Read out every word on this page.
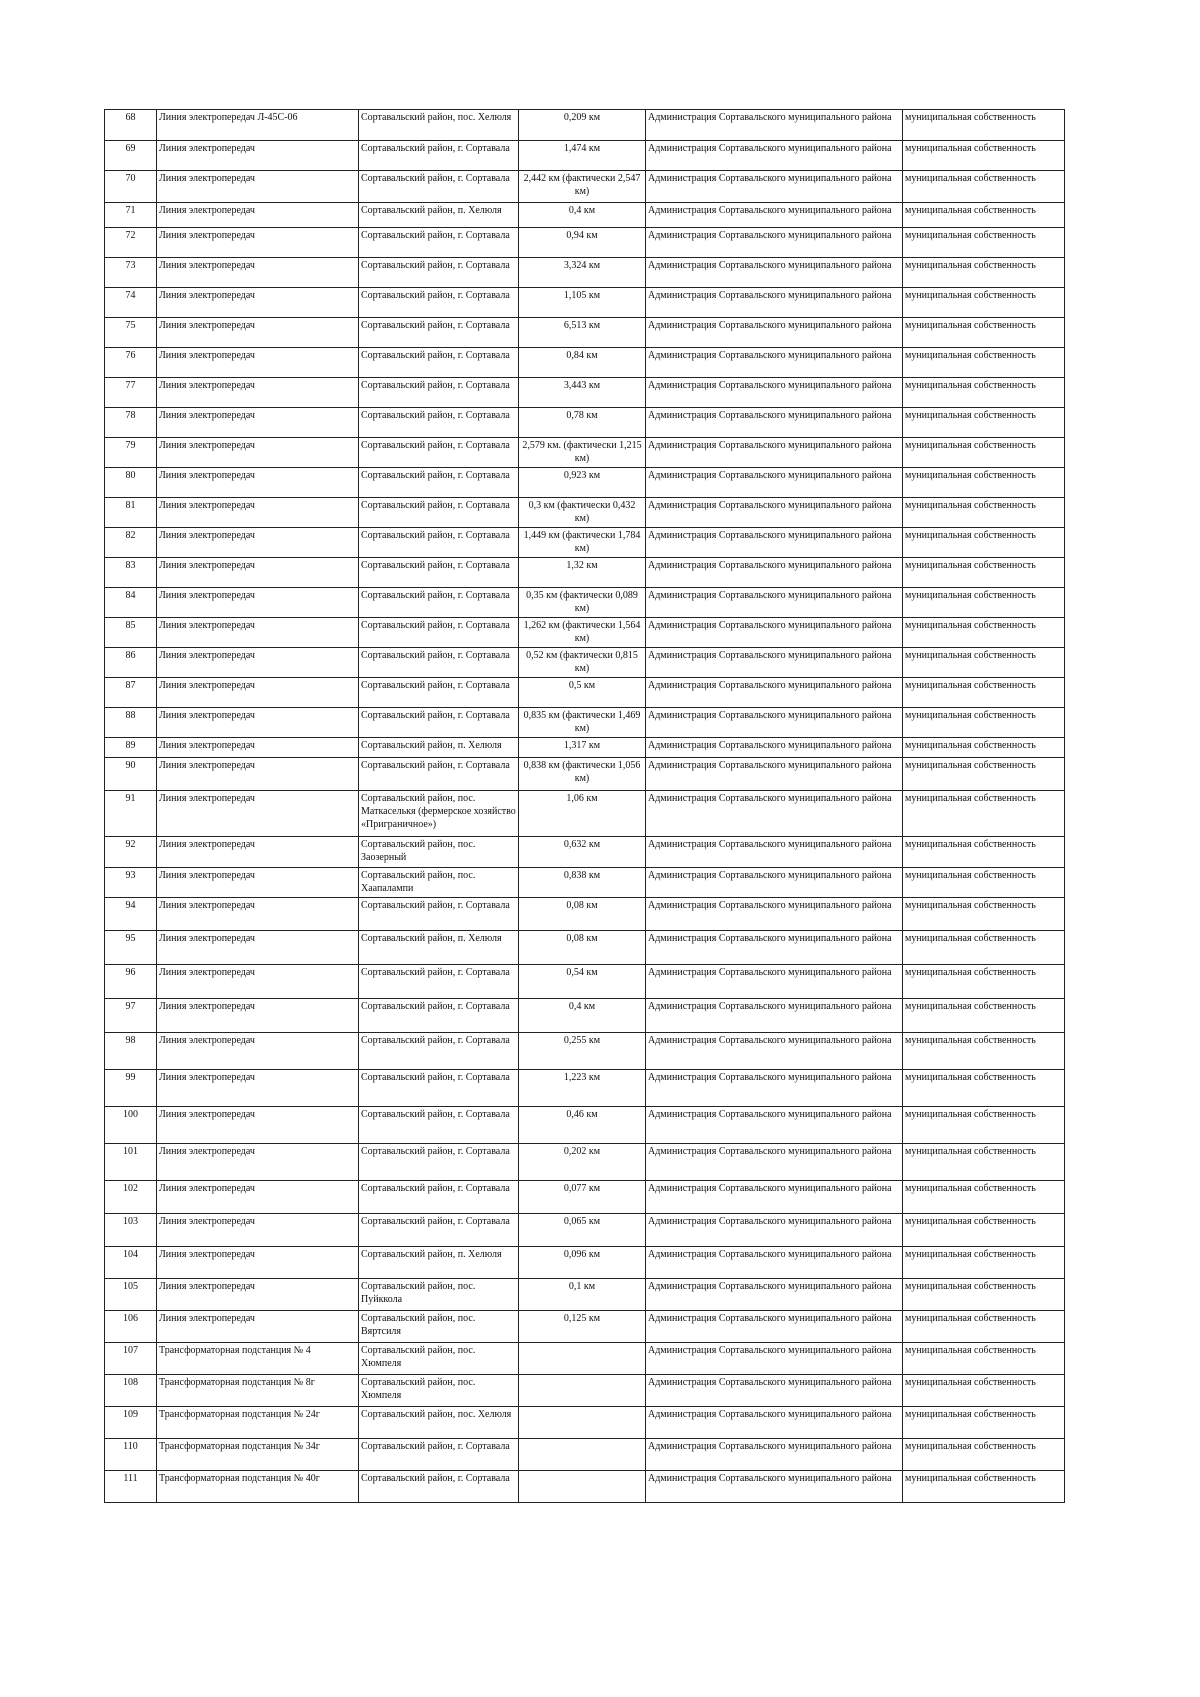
68	Линия электропередач Л-45С-06	Сортавальский район, пос. Хелюля	0,209 км	Администрация Сортавальского муниципального района	муниципальная собственность
69	Линия электропередач	Сортавальский район, г. Сортавала	1,474 км	Администрация Сортавальского муниципального района	муниципальная собственность
70	Линия электропередач	Сортавальский район, г. Сортавала	2,442 км (фактически 2,547 км)	Администрация Сортавальского муниципального района	муниципальная собственность
71	Линия электропередач	Сортавальский район, п. Хелюля	0,4 км	Администрация Сортавальского муниципального района	муниципальная собственность
72	Линия электропередач	Сортавальский район, г. Сортавала	0,94 км	Администрация Сортавальского муниципального района	муниципальная собственность
73	Линия электропередач	Сортавальский район, г. Сортавала	3,324 км	Администрация Сортавальского муниципального района	муниципальная собственность
74	Линия электропередач	Сортавальский район, г. Сортавала	1,105 км	Администрация Сортавальского муниципального района	муниципальная собственность
75	Линия электропередач	Сортавальский район, г. Сортавала	6,513 км	Администрация Сортавальского муниципального района	муниципальная собственность
76	Линия электропередач	Сортавальский район, г. Сортавала	0,84 км	Администрация Сортавальского муниципального района	муниципальная собственность
77	Линия электропередач	Сортавальский район, г. Сортавала	3,443 км	Администрация Сортавальского муниципального района	муниципальная собственность
78	Линия электропередач	Сортавальский район, г. Сортавала	0,78 км	Администрация Сортавальского муниципального района	муниципальная собственность
79	Линия электропередач	Сортавальский район, г. Сортавала	2,579 км. (фактически 1,215 км)	Администрация Сортавальского муниципального района	муниципальная собственность
80	Линия электропередач	Сортавальский район, г. Сортавала	0,923 км	Администрация Сортавальского муниципального района	муниципальная собственность
81	Линия электропередач	Сортавальский район, г. Сортавала	0,3 км (фактически 0,432 км)	Администрация Сортавальского муниципального района	муниципальная собственность
82	Линия электропередач	Сортавальский район, г. Сортавала	1,449 км (фактически 1,784 км)	Администрация Сортавальского муниципального района	муниципальная собственность
83	Линия электропередач	Сортавальский район, г. Сортавала	1,32 км	Администрация Сортавальского муниципального района	муниципальная собственность
84	Линия электропередач	Сортавальский район, г. Сортавала	0,35 км (фактически 0,089 км)	Администрация Сортавальского муниципального района	муниципальная собственность
85	Линия электропередач	Сортавальский район, г. Сортавала	1,262 км (фактически 1,564 км)	Администрация Сортавальского муниципального района	муниципальная собственность
86	Линия электропередач	Сортавальский район, г. Сортавала	0,52 км (фактически 0,815 км)	Администрация Сортавальского муниципального района	муниципальная собственность
87	Линия электропередач	Сортавальский район, г. Сортавала	0,5 км	Администрация Сортавальского муниципального района	муниципальная собственность
88	Линия электропередач	Сортавальский район, г. Сортавала	0,835 км (фактически 1,469 км)	Администрация Сортавальского муниципального района	муниципальная собственность
89	Линия электропередач	Сортавальский район, п. Хелюля	1,317 км	Администрация Сортавальского муниципального района	муниципальная собственность
90	Линия электропередач	Сортавальский район, г. Сортавала	0,838 км (фактически 1,056 км)	Администрация Сортавальского муниципального района	муниципальная собственность
91	Линия электропередач	Сортавальский район, пос. Маткаселькя (фермерское хозяйство «Приграничное»)	1,06 км	Администрация Сортавальского муниципального района	муниципальная собственность
92	Линия электропередач	Сортавальский район, пос. Заозерный	0,632 км	Администрация Сортавальского муниципального района	муниципальная собственность
93	Линия электропередач	Сортавальский район, пос. Хаапалампи	0,838 км	Администрация Сортавальского муниципального района	муниципальная собственность
94	Линия электропередач	Сортавальский район, г. Сортавала	0,08 км	Администрация Сортавальского муниципального района	муниципальная собственность
95	Линия электропередач	Сортавальский район, п. Хелюля	0,08 км	Администрация Сортавальского муниципального района	муниципальная собственность
96	Линия электропередач	Сортавальский район, г. Сортавала	0,54 км	Администрация Сортавальского муниципального района	муниципальная собственность
97	Линия электропередач	Сортавальский район, г. Сортавала	0,4 км	Администрация Сортавальского муниципального района	муниципальная собственность
98	Линия электропередач	Сортавальский район, г. Сортавала	0,255 км	Администрация Сортавальского муниципального района	муниципальная собственность
99	Линия электропередач	Сортавальский район, г. Сортавала	1,223 км	Администрация Сортавальского муниципального района	муниципальная собственность
100	Линия электропередач	Сортавальский район, г. Сортавала	0,46 км	Администрация Сортавальского муниципального района	муниципальная собственность
101	Линия электропередач	Сортавальский район, г. Сортавала	0,202 км	Администрация Сортавальского муниципального района	муниципальная собственность
102	Линия электропередач	Сортавальский район, г. Сортавала	0,077 км	Администрация Сортавальского муниципального района	муниципальная собственность
103	Линия электропередач	Сортавальский район, г. Сортавала	0,065 км	Администрация Сортавальского муниципального района	муниципальная собственность
104	Линия электропередач	Сортавальский район, п. Хелюля	0,096 км	Администрация Сортавальского муниципального района	муниципальная собственность
105	Линия электропередач	Сортавальский район, пос. Пуйккола	0,1 км	Администрация Сортавальского муниципального района	муниципальная собственность
106	Линия электропередач	Сортавальский район, пос. Вяртсиля	0,125 км	Администрация Сортавальского муниципального района	муниципальная собственность
107	Трансформаторная подстанция № 4	Сортавальский район, пос. Хюмпеля		Администрация Сортавальского муниципального района	муниципальная собственность
108	Трансформаторная подстанция № 8г	Сортавальский район, пос. Хюмпеля		Администрация Сортавальского муниципального района	муниципальная собственность
109	Трансформаторная подстанция № 24г	Сортавальский район, пос. Хелюля		Администрация Сортавальского муниципального района	муниципальная собственность
110	Трансформаторная подстанция № 34г	Сортавальский район, г. Сортавала		Администрация Сортавальского муниципального района	муниципальная собственность
111	Трансформаторная подстанция № 40г	Сортавальский район, г. Сортавала		Администрация Сортавальского муниципального района	муниципальная собственность
